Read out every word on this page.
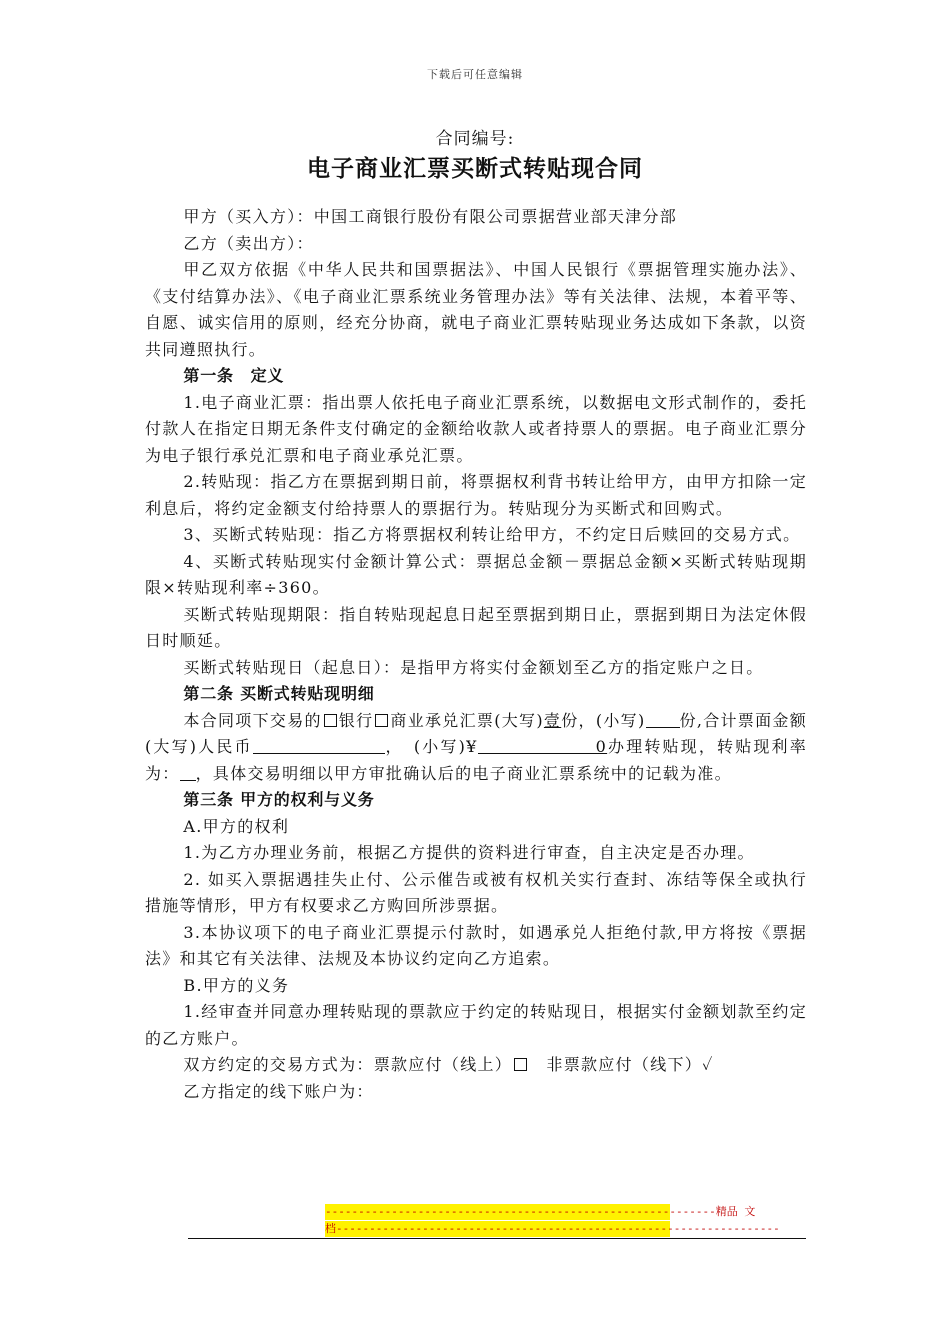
下载后可任意编辑
合同编号:
电子商业汇票买断式转贴现合同

甲方（买入方）：中国工商银行股份有限公司票据营业部天津分部

乙方（卖出方）：

甲乙双方依据《中华人民共和国票据法》、中国人民银行《票据管理实施办法》、《支付结算办法》、《电子商业汇票系统业务管理办法》等有关法律、法规，本着平等、自愿、诚实信用的原则，经充分协商，就电子商业汇票转贴现业务达成如下条款，以资共同遵照执行。

第一条　定义

1.电子商业汇票：指出票人依托电子商业汇票系统，以数据电文形式制作的，委托付款人在指定日期无条件支付确定的金额给收款人或者持票人的票据。电子商业汇票分为电子银行承兑汇票和电子商业承兑汇票。

2.转贴现：指乙方在票据到期日前，将票据权利背书转让给甲方，由甲方扣除一定利息后，将约定金额支付给持票人的票据行为。转贴现分为买断式和回购式。

3、买断式转贴现：指乙方将票据权利转让给甲方，不约定日后赎回的交易方式。

4、买断式转贴现实付金额计算公式：票据总金额－票据总金额×买断式转贴现期限×转贴现利率÷360。

买断式转贴现期限：指自转贴现起息日起至票据到期日止，票据到期日为法定休假日时顺延。

买断式转贴现日（起息日）：是指甲方将实付金额划至乙方的指定账户之日。

第二条 买断式转贴现明细

本合同项下交易的 银行 商业承兑汇票(大写)壹份，(小写) 份,合计票面金额 (大写)人民币	，　(小写)¥	0办理转贴现，转贴现利率为： ，具体交易明细以甲方审批确认后的电子商业汇票系统中的记载为准。

第三条 甲方的权利与义务

A.甲方的权利

1.为乙方办理业务前，根据乙方提供的资料进行审查，自主决定是否办理。

2. 如买入票据遇挂失止付、公示催告或被有权机关实行查封、冻结等保全或执行措施等情形，甲方有权要求乙方购回所涉票据。

3.本协议项下的电子商业汇票提示付款时，如遇承兑人拒绝付款,甲方将按《票据法》和其它有关法律、法规及本协议约定向乙方追索。

B.甲方的义务

1.经审查并同意办理转贴现的票款应于约定的转贴现日，根据实付金额划款至约定的乙方账户。

双方约定的交易方式为：票款应付（线上）　非票款应付（线下）✓

乙方指定的线下账户为：

-----------------------------------------------------------精品 文
档-------------------------------------------------------------------
